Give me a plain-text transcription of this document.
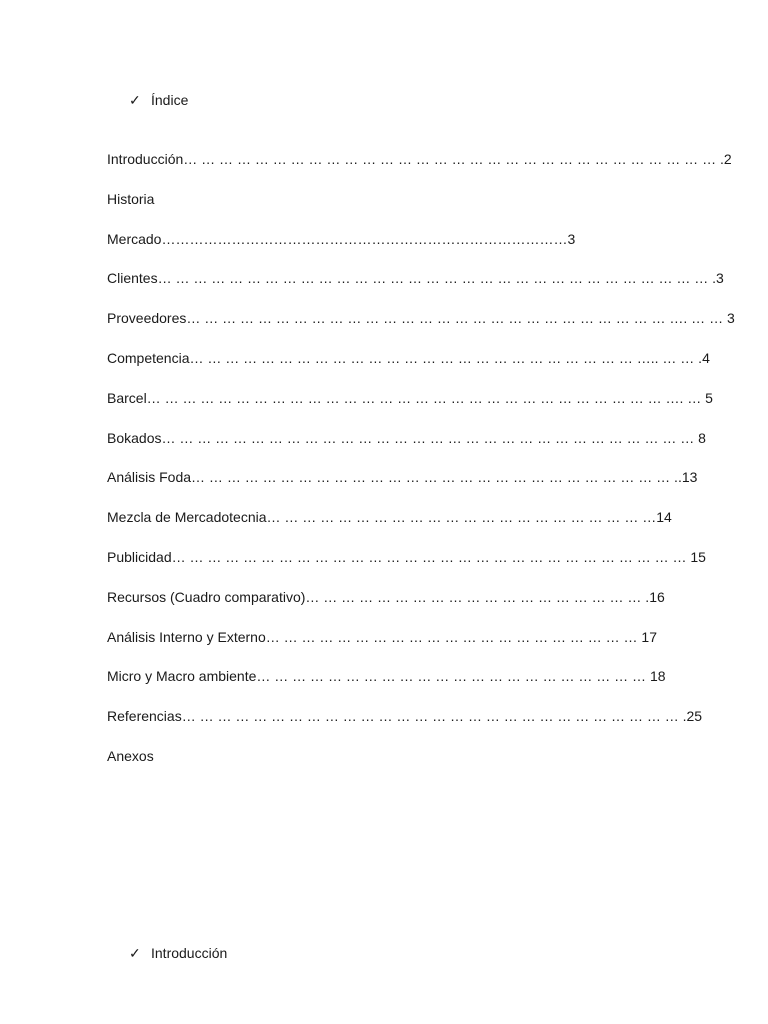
✓ Índice
Introducción… … … … … … … … … … … … … … … … … … … … … … … … … … … … … … .2
Historia
Mercado……………………………………………………………………………3
Clientes… … … … … … … … … … … … … … … … … … … … … … … … … … … … … … … .3
Proveedores… … … … … … … … … … … … … … … … … … … … … … … … … … … …. … … 3
Competencia… … … … … … … … … … … … … … … … … … … … … … … … … ….. … … .4
Barcel… … … … … … … … … … … … … … … … … … … … … … … … … … … … … …. … 5
Bokados… … … … … … … … … … … … … … … … … … … … … … … … … … … … … … 8
Análisis Foda… … … … … … … … … … … … … … … … … … … … … … … … … … … ..13
Mezcla de Mercadotecnia… … … … … … … … … … … … … … … … … … … … … …14
Publicidad… … … … … … … … … … … … … … … … … … … … … … … … … … … … … 15
Recursos (Cuadro comparativo)… … … … … … … … … … … … … … … … … … … .16
Análisis Interno y Externo… … … … … … … … … … … … … … … … … … … … … 17
Micro y Macro ambiente… … … … … … … … … … … … … … … … … … … … … … 18
Referencias… … … … … … … … … … … … … … … … … … … … … … … … … … … … .25
Anexos
✓ Introducción
